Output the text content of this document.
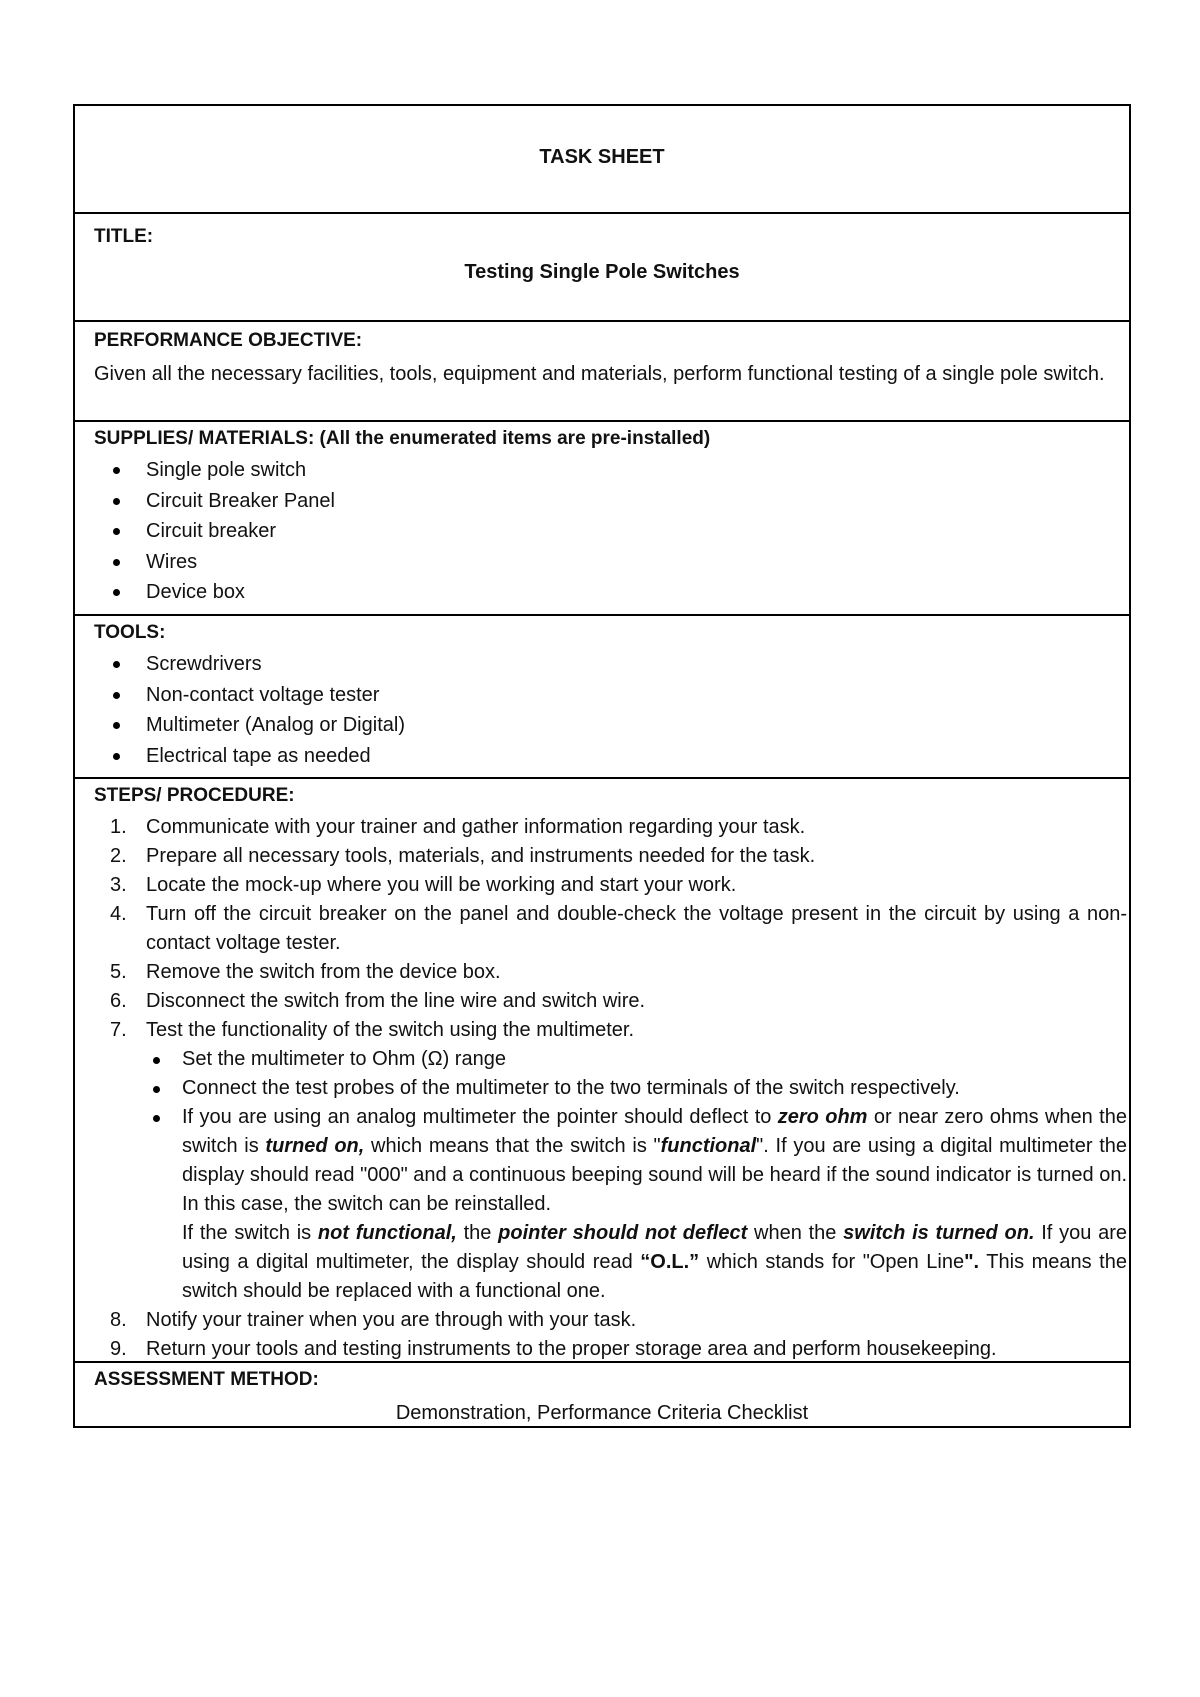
TASK SHEET
TITLE:
Testing Single Pole Switches
PERFORMANCE OBJECTIVE:
Given all the necessary facilities, tools, equipment and materials, perform functional testing of a single pole switch.
SUPPLIES/ MATERIALS: (All the enumerated items are pre-installed)
Single pole switch
Circuit Breaker Panel
Circuit breaker
Wires
Device box
TOOLS:
Screwdrivers
Non-contact voltage tester
Multimeter (Analog or Digital)
Electrical tape as needed
STEPS/ PROCEDURE:
1. Communicate with your trainer and gather information regarding your task.
2. Prepare all necessary tools, materials, and instruments needed for the task.
3. Locate the mock-up where you will be working and start your work.
4. Turn off the circuit breaker on the panel and double-check the voltage present in the circuit by using a non-contact voltage tester.
5. Remove the switch from the device box.
6. Disconnect the switch from the line wire and switch wire.
7. Test the functionality of the switch using the multimeter.
Set the multimeter to Ohm (Ω) range
Connect the test probes of the multimeter to the two terminals of the switch respectively.
If you are using an analog multimeter the pointer should deflect to zero ohm or near zero ohms when the switch is turned on, which means that the switch is "functional". If you are using a digital multimeter the display should read "000" and a continuous beeping sound will be heard if the sound indicator is turned on. In this case, the switch can be reinstalled.
If the switch is not functional, the pointer should not deflect when the switch is turned on. If you are using a digital multimeter, the display should read “O.L.” which stands for "Open Line". This means the switch should be replaced with a functional one.
8. Notify your trainer when you are through with your task.
9. Return your tools and testing instruments to the proper storage area and perform housekeeping.
ASSESSMENT METHOD:
Demonstration, Performance Criteria Checklist
